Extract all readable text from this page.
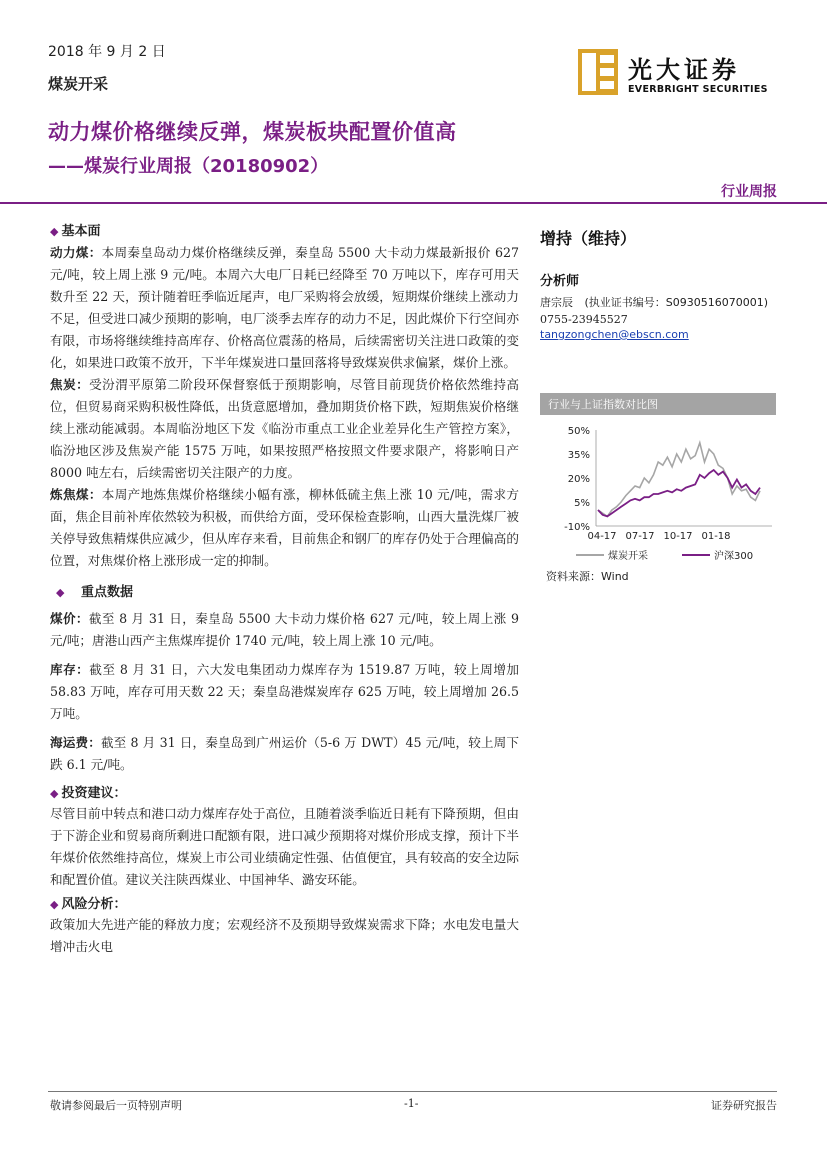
2018 年 9 月 2 日
煤炭开采
动力煤价格继续反弹，煤炭板块配置价值高
——煤炭行业周报（20180902）
行业周报
光大证券
EVERBRIGHT SECURITIES
◆ 基本面
动力煤：本周秦皇岛动力煤价格继续反弹，秦皇岛 5500 大卡动力煤最新报价 627 元/吨，较上周上涨 9 元/吨。本周六大电厂日耗已经降至 70 万吨以下，库存可用天数升至 22 天，预计随着旺季临近尾声，电厂采购将会放缓，短期煤价继续上涨动力不足，但受进口减少预期的影响，电厂淡季去库存的动力不足，因此煤价下行空间亦有限，市场将继续维持高库存、价格高位震荡的格局，后续需密切关注进口政策的变化，如果进口政策不放开，下半年煤炭进口量回落将导致煤炭供求偏紧，煤价上涨。
焦炭：受汾渭平原第二阶段环保督察低于预期影响，尽管目前现货价格依然维持高位，但贸易商采购积极性降低，出货意愿增加，叠加期货价格下跌，短期焦炭价格继续上涨动能减弱。本周临汾地区下发《临汾市重点工业企业差异化生产管控方案》，临汾地区涉及焦炭产能 1575 万吨，如果按照严格按照文件要求限产，将影响日产 8000 吨左右，后续需密切关注限产的力度。
炼焦煤：本周产地炼焦煤价格继续小幅有涨，柳林低硫主焦上涨 10 元/吨，需求方面，焦企目前补库依然较为积极，而供给方面，受环保检查影响，山西大量洗煤厂被关停导致焦精煤供应减少，但从库存来看，目前焦企和钢厂的库存仍处于合理偏高的位置，对焦煤价格上涨形成一定的抑制。
◆ 重点数据
煤价：截至 8 月 31 日，秦皇岛 5500 大卡动力煤价格 627 元/吨，较上周上涨 9 元/吨；唐港山西产主焦煤库提价 1740 元/吨，较上周上涨 10 元/吨。
库存：截至 8 月 31 日，六大发电集团动力煤库存为 1519.87 万吨，较上周增加 58.83 万吨，库存可用天数 22 天；秦皇岛港煤炭库存 625 万吨，较上周增加 26.5 万吨。
海运费：截至 8 月 31 日，秦皇岛到广州运价（5-6 万 DWT）45 元/吨，较上周下跌 6.1 元/吨。
◆ 投资建议：
尽管目前中转点和港口动力煤库存处于高位，且随着淡季临近日耗有下降预期，但由于下游企业和贸易商所剩进口配额有限，进口减少预期将对煤价形成支撑，预计下半年煤价依然维持高位，煤炭上市公司业绩确定性强、估值便宜，具有较高的安全边际和配置价值。建议关注陕西煤业、中国神华、潞安环能。
◆ 风险分析：
政策加大先进产能的释放力度；宏观经济不及预期导致煤炭需求下降；水电发电量大增冲击火电
增持（维持）
分析师
唐宗辰 (执业证书编号：S0930516070001)
0755-23945527
tangzongchen@ebscn.com
行业与上证指数对比图
50%
35%
20%
5%
-10%
04-17 07-17 10-17 01-18
煤炭开采	沪深300
资料来源：Wind
敬请参阅最后一页特别声明	-1-	证券研究报告
